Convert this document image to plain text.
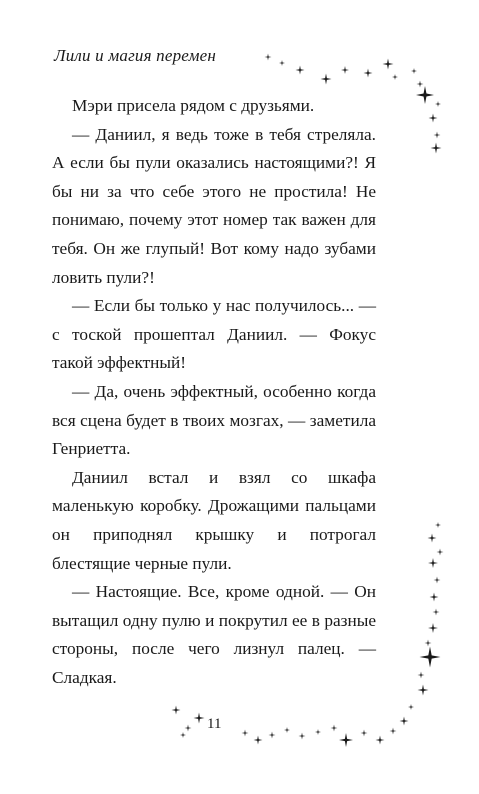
Лили и магия перемен

Мэри присела рядом с друзьями.

— Даниил, я ведь тоже в тебя стреляла. А если бы пули оказались настоящими?! Я бы ни за что себе этого не простила! Не понимаю, почему этот номер так важен для тебя. Он же глупый! Вот кому надо зубами ловить пули?!

— Если бы только у нас получилось... — с тоской прошептал Даниил. — Фокус такой эффектный!

— Да, очень эффектный, особенно когда вся сцена будет в твоих мозгах, — заметила Генриетта.

Даниил встал и взял со шкафа маленькую коробку. Дрожащими пальцами он приподнял крышку и потрогал блестящие черные пули.

— Настоящие. Все, кроме одной. — Он вытащил одну пулю и покрутил ее в разные стороны, после чего лизнул палец. — Сладкая.

11
